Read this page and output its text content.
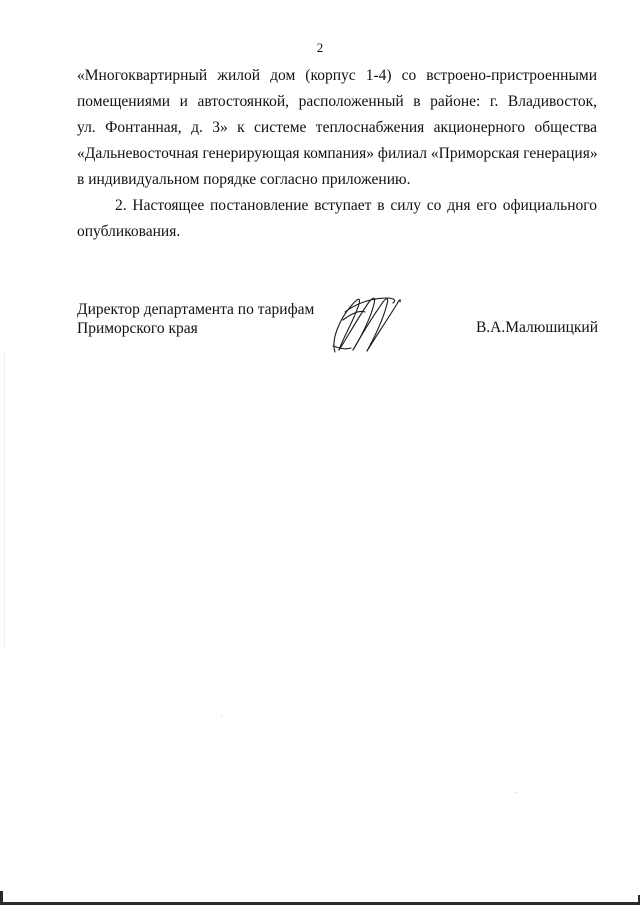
2
«Многоквартирный жилой дом (корпус 1-4) со встроено-пристроенными
помещениями и автостоянкой, расположенный в районе: г. Владивосток,
ул. Фонтанная, д. 3» к системе теплоснабжения акционерного общества
«Дальневосточная генерирующая компания» филиал «Приморская генерация»
в индивидуальном порядке согласно приложению.
2. Настоящее постановление вступает в силу со дня его официального
опубликования.
Директор департамента по тарифам
Приморского края	В.А.Малюшицкий
